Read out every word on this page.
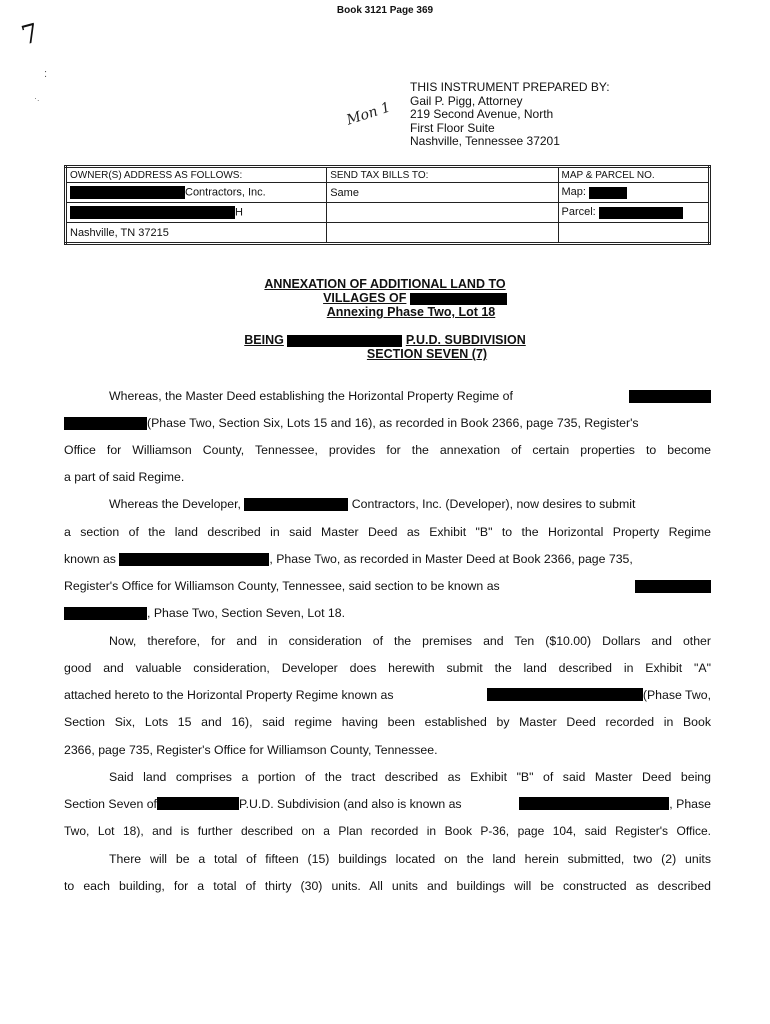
Book 3121 Page 369
7
:
·.
Mon 1
THIS INSTRUMENT PREPARED BY:
Gail P. Pigg, Attorney
219 Second Avenue, North
First Floor Suite
Nashville, Tennessee 37201
OWNER(S) ADDRESS AS FOLLOWS:	SEND TAX BILLS TO:	MAP & PARCEL NO.
Contractors, Inc.	Same	Map:
H		Parcel:
Nashville, TN 37215		
ANNEXATION OF ADDITIONAL LAND TO
VILLAGES OF
Annexing Phase Two, Lot 18
BEING	P.U.D. SUBDIVISION
SECTION SEVEN (7)
Whereas, the Master Deed establishing the Horizontal Property Regime of
(Phase Two, Section Six, Lots 15 and 16), as recorded in Book 2366, page 735, Register's
Office for Williamson County, Tennessee, provides for the annexation of certain properties to become
a part of said Regime.
Whereas the Developer,	Contractors, Inc. (Developer), now desires to submit
a section of the land described in said Master Deed as Exhibit "B" to the Horizontal Property Regime
known as	, Phase Two, as recorded in Master Deed at Book 2366, page 735,
Register's Office for Williamson County, Tennessee, said section to be known as
, Phase Two, Section Seven, Lot 18.
Now, therefore, for and in consideration of the premises and Ten ($10.00) Dollars and other
good and valuable consideration, Developer does herewith submit the land described in Exhibit "A"
attached hereto to the Horizontal Property Regime known as	(Phase Two,
Section Six, Lots 15 and 16), said regime having been established by Master Deed recorded in Book
2366, page 735, Register's Office for Williamson County, Tennessee.
Said land comprises a portion of the tract described as Exhibit "B" of said Master Deed being
Section Seven of	P.U.D. Subdivision (and also is known as	, Phase
Two, Lot 18), and is further described on a Plan recorded in Book P-36, page 104, said Register's Office.
There will be a total of fifteen (15) buildings located on the land herein submitted, two (2) units
to each building, for a total of thirty (30) units. All units and buildings will be constructed as described
